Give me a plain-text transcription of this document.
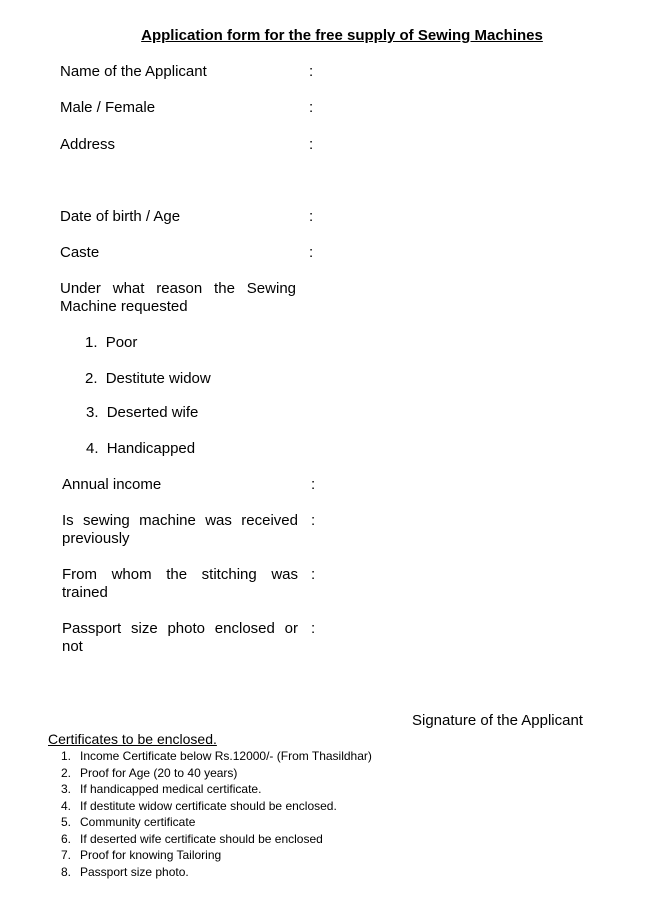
Application form for the free supply of Sewing Machines
Name of the Applicant	:
Male / Female	:
Address	:
Date of birth / Age	:
Caste	:
Under what reason the Sewing Machine requested
1. Poor
2. Destitute widow
3. Deserted wife
4. Handicapped
Annual income	:
Is sewing machine was received previously
:
From whom the stitching was trained
:
Passport size photo enclosed or not
:
Signature of the Applicant
Certificates to be enclosed.
1. Income Certificate below Rs.12000/- (From Thasildhar)
2. Proof for Age (20 to 40 years)
3. If handicapped medical certificate.
4. If destitute widow certificate should be enclosed.
5. Community certificate
6. If deserted wife certificate should be enclosed
7. Proof for knowing Tailoring
8. Passport size photo.
